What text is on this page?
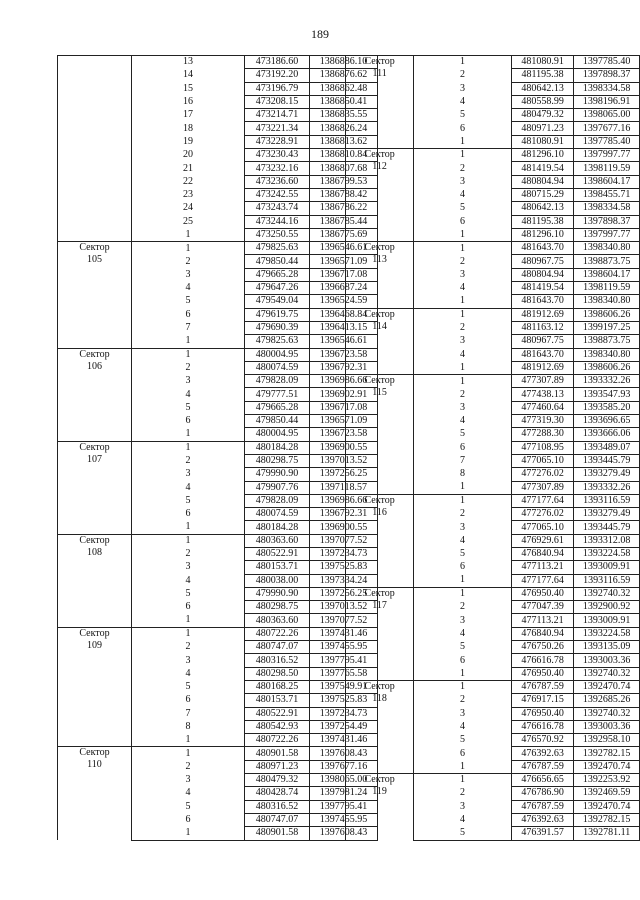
189
	13	473186.60	1386886.10
	14	473192.20	1386876.62
	15	473196.79	1386862.48
	16	473208.15	1386850.41
	17	473214.71	1386835.55
	18	473221.34	1386826.24
	19	473228.91	1386813.62
	20	473230.43	1386810.84
	21	473232.16	1386807.68
	22	473236.60	1386799.53
	23	473242.55	1386788.42
	24	473243.74	1386786.22
	25	473244.16	1386785.44
	1	473250.55	1386775.69

Сектор
105	1	479825.63	1396546.61
	2	479850.44	1396571.09
	3	479665.28	1396717.08
	4	479647.26	1396687.24
	5	479549.04	1396524.59
	6	479619.75	1396468.84
	7	479690.39	1396413.15
	1	479825.63	1396546.61

Сектор
106	1	480004.95	1396723.58
	2	480074.59	1396792.31
	3	479828.09	1396986.66
	4	479777.51	1396902.91
	5	479665.28	1396717.08
	6	479850.44	1396571.09
	1	480004.95	1396723.58

Сектор
107	1	480184.28	1396900.55
	2	480298.75	1397013.52
	3	479990.90	1397256.25
	4	479907.76	1397118.57
	5	479828.09	1396986.66
	6	480074.59	1396792.31
	1	480184.28	1396900.55

Сектор
108	1	480363.60	1397077.52
	2	480522.91	1397234.73
	3	480153.71	1397525.83
	4	480038.00	1397334.24
	5	479990.90	1397256.25
	6	480298.75	1397013.52
	1	480363.60	1397077.52

Сектор
109	1	480722.26	1397431.46
	2	480747.07	1397455.95
	3	480316.52	1397795.41
	4	480298.50	1397765.58
	5	480168.25	1397549.91
	6	480153.71	1397525.83
	7	480522.91	1397234.73
	8	480542.93	1397254.49
	1	480722.26	1397431.46

Сектор
110	1	480901.58	1397608.43
	2	480971.23	1397677.16
	3	480479.32	1398065.00
	4	480428.74	1397981.24
	5	480316.52	1397795.41
	6	480747.07	1397455.95
	1	480901.58	1397608.43
Сектор
111	1	481080.91	1397785.40
	2	481195.38	1397898.37
	3	480642.13	1398334.58
	4	480558.99	1398196.91
	5	480479.32	1398065.00
	6	480971.23	1397677.16
	1	481080.91	1397785.40

Сектор
112	1	481296.10	1397997.77
	2	481419.54	1398119.59
	3	480804.94	1398604.17
	4	480715.29	1398455.71
	5	480642.13	1398334.58
	6	481195.38	1397898.37
	1	481296.10	1397997.77

Сектор
113	1	481643.70	1398340.80
	2	480967.75	1398873.75
	3	480804.94	1398604.17
	4	481419.54	1398119.59
	1	481643.70	1398340.80

Сектор
114	1	481912.69	1398606.26
	2	481163.12	1399197.25
	3	480967.75	1398873.75
	4	481643.70	1398340.80
	1	481912.69	1398606.26

Сектор
115	1	477307.89	1393332.26
	2	477438.13	1393547.93
	3	477460.64	1393585.20
	4	477319.30	1393696.65
	5	477288.30	1393666.06
	6	477108.95	1393489.07
	7	477065.10	1393445.79
	8	477276.02	1393279.49
	1	477307.89	1393332.26

Сектор
116	1	477177.64	1393116.59
	2	477276.02	1393279.49
	3	477065.10	1393445.79
	4	476929.61	1393312.08
	5	476840.94	1393224.58
	6	477113.21	1393009.91
	1	477177.64	1393116.59

Сектор
117	1	476950.40	1392740.32
	2	477047.39	1392900.92
	3	477113.21	1393009.91
	4	476840.94	1393224.58
	5	476750.26	1393135.09
	6	476616.78	1393003.36
	1	476950.40	1392740.32

Сектор
118	1	476787.59	1392470.74
	2	476917.15	1392685.26
	3	476950.40	1392740.32
	4	476616.78	1393003.36
	5	476570.92	1392958.10
	6	476392.63	1392782.15
	1	476787.59	1392470.74

Сектор
119	1	476656.65	1392253.92
	2	476786.90	1392469.59
	3	476787.59	1392470.74
	4	476392.63	1392782.15
	5	476391.57	1392781.11
